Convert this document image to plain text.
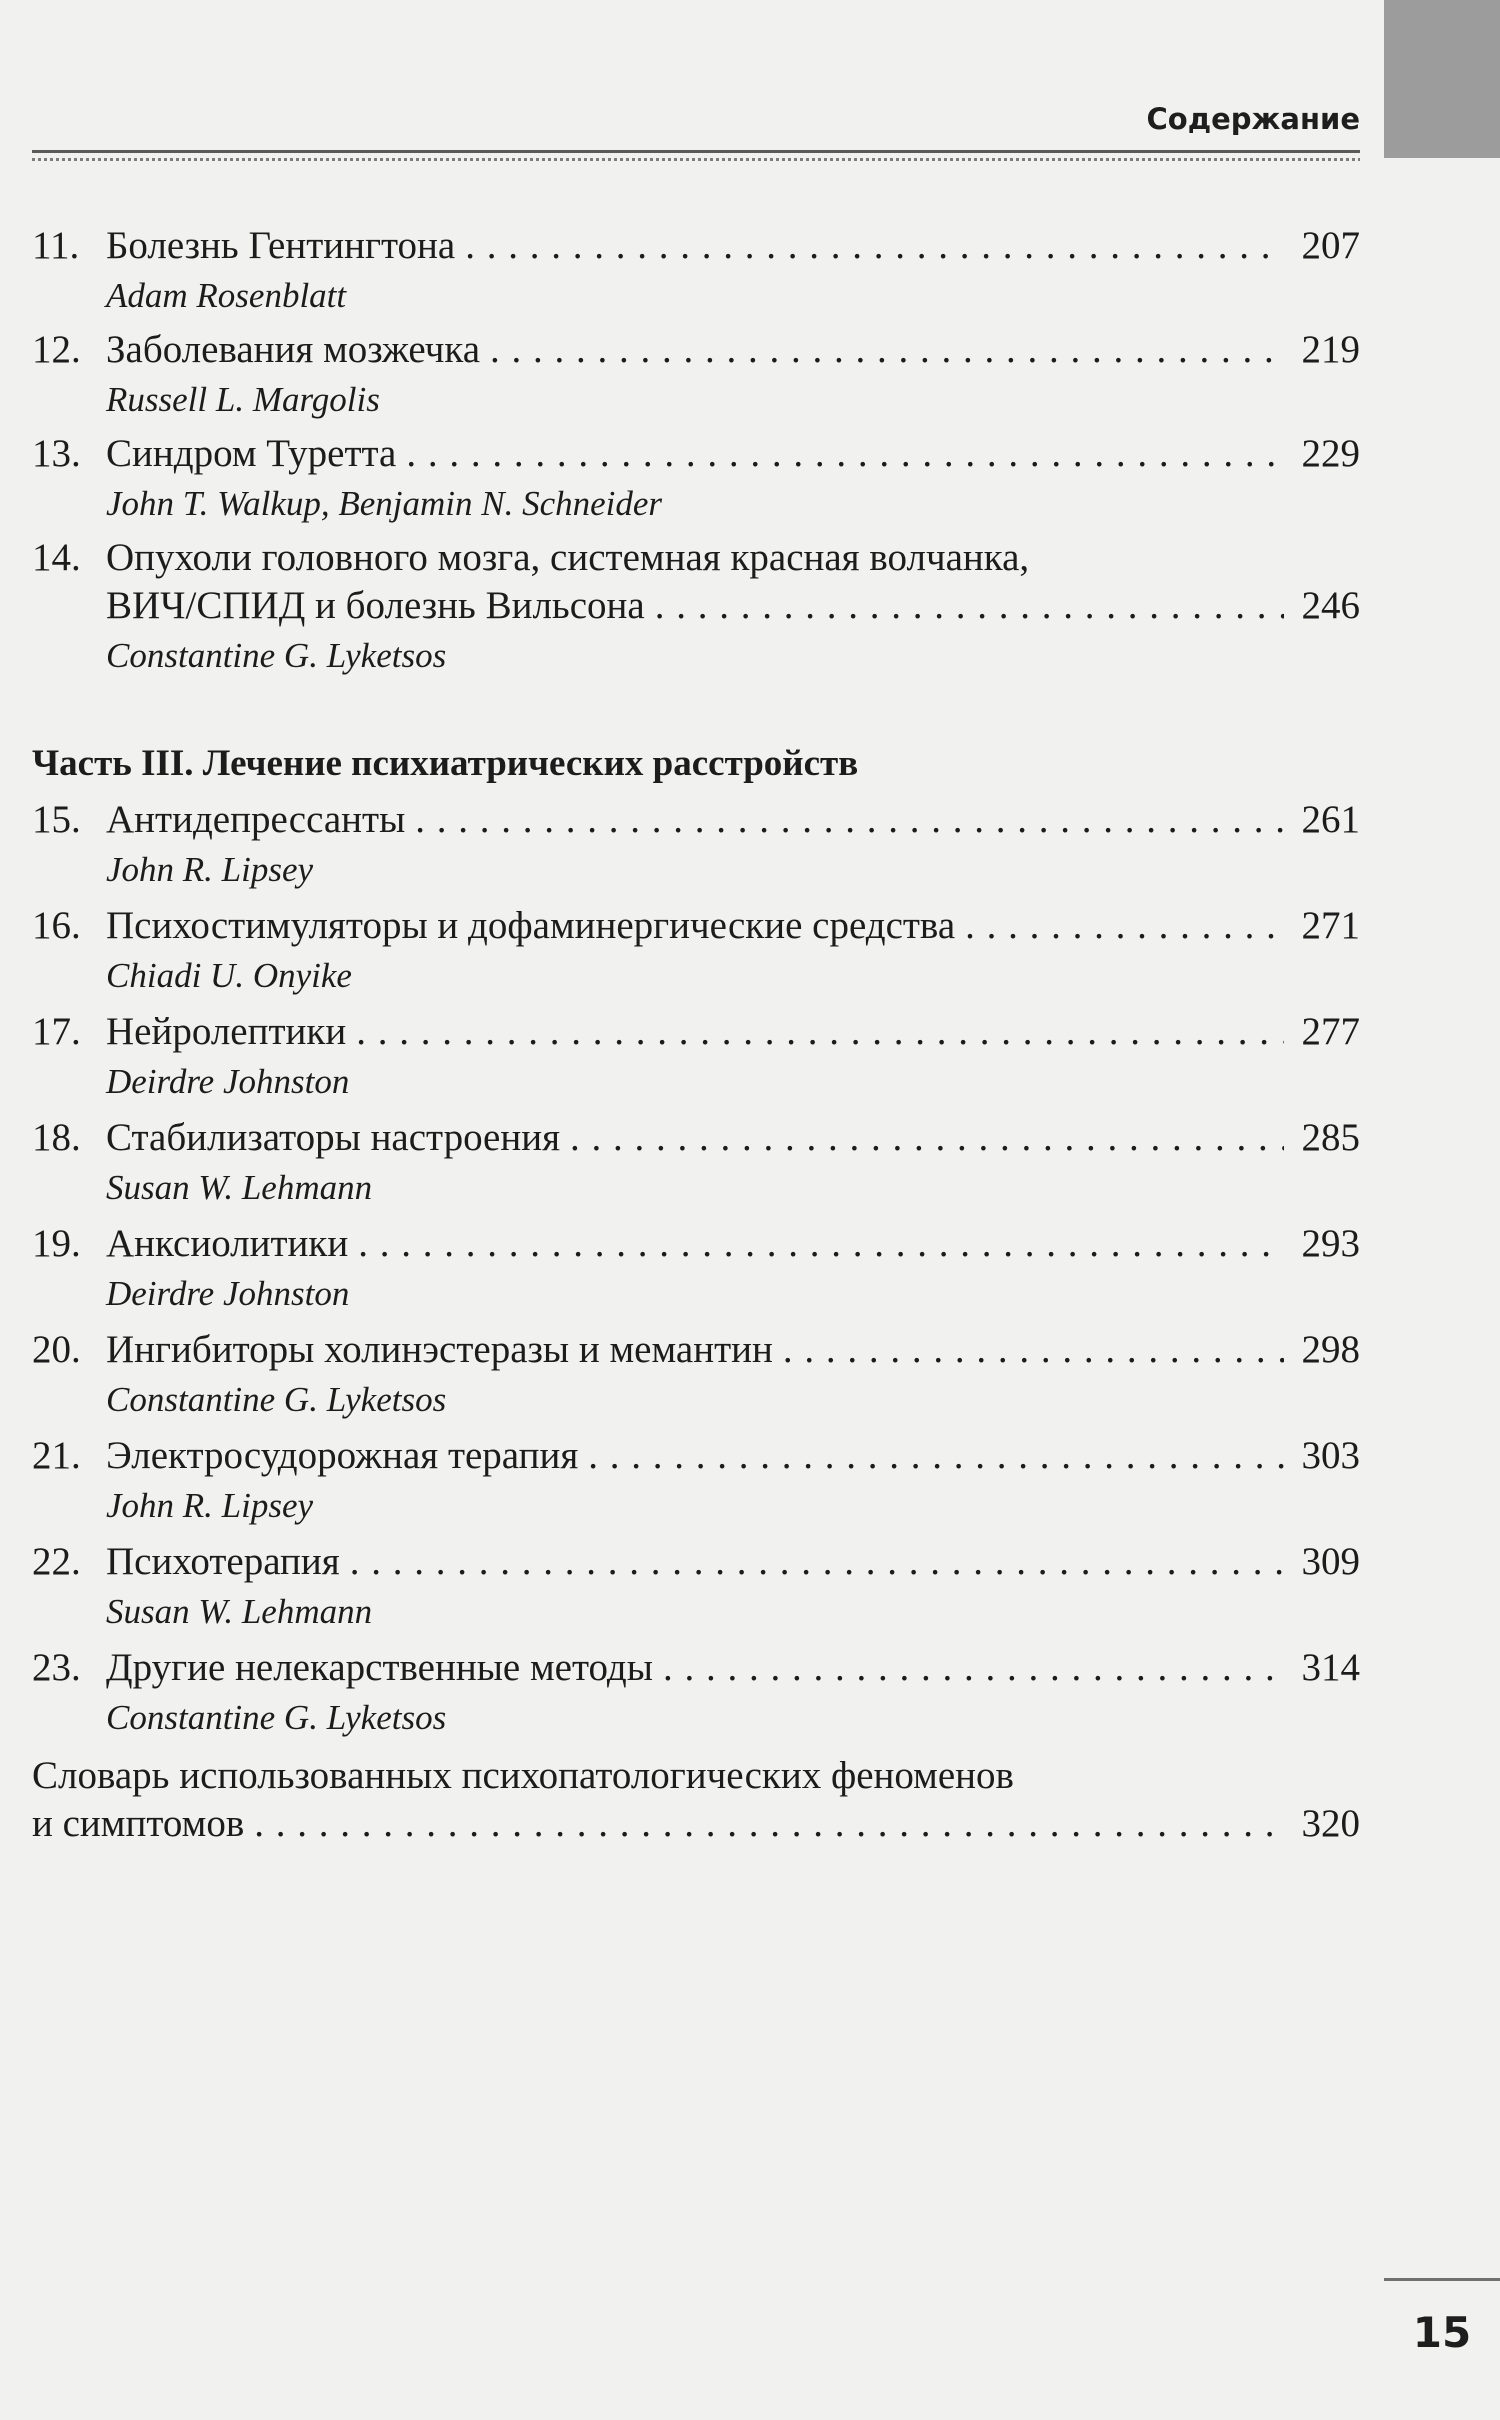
Содержание
11. Болезнь Гентингтона . . .	207
Adam Rosenblatt
12. Заболевания мозжечка . . .	219
Russell L. Margolis
13. Синдром Туретта . . .	229
John T. Walkup, Benjamin N. Schneider
14. Опухоли головного мозга, системная красная волчанка,
ВИЧ/СПИД и болезнь Вильсона . . .	246
Constantine G. Lyketsos
Часть III. Лечение психиатрических расстройств
15. Антидепрессанты . . .	261
John R. Lipsey
16. Психостимуляторы и дофаминергические средства . . .	271
Chiadi U. Onyike
17. Нейролептики . . .	277
Deirdre Johnston
18. Стабилизаторы настроения . . .	285
Susan W. Lehmann
19. Анксиолитики . . .	293
Deirdre Johnston
20. Ингибиторы холинэстеразы и мемантин . . .	298
Constantine G. Lyketsos
21. Электросудорожная терапия . . .	303
John R. Lipsey
22. Психотерапия . . .	309
Susan W. Lehmann
23. Другие нелекарственные методы . . .	314
Constantine G. Lyketsos
Словарь использованных психопатологических феноменов
и симптомов . . .	320
15
